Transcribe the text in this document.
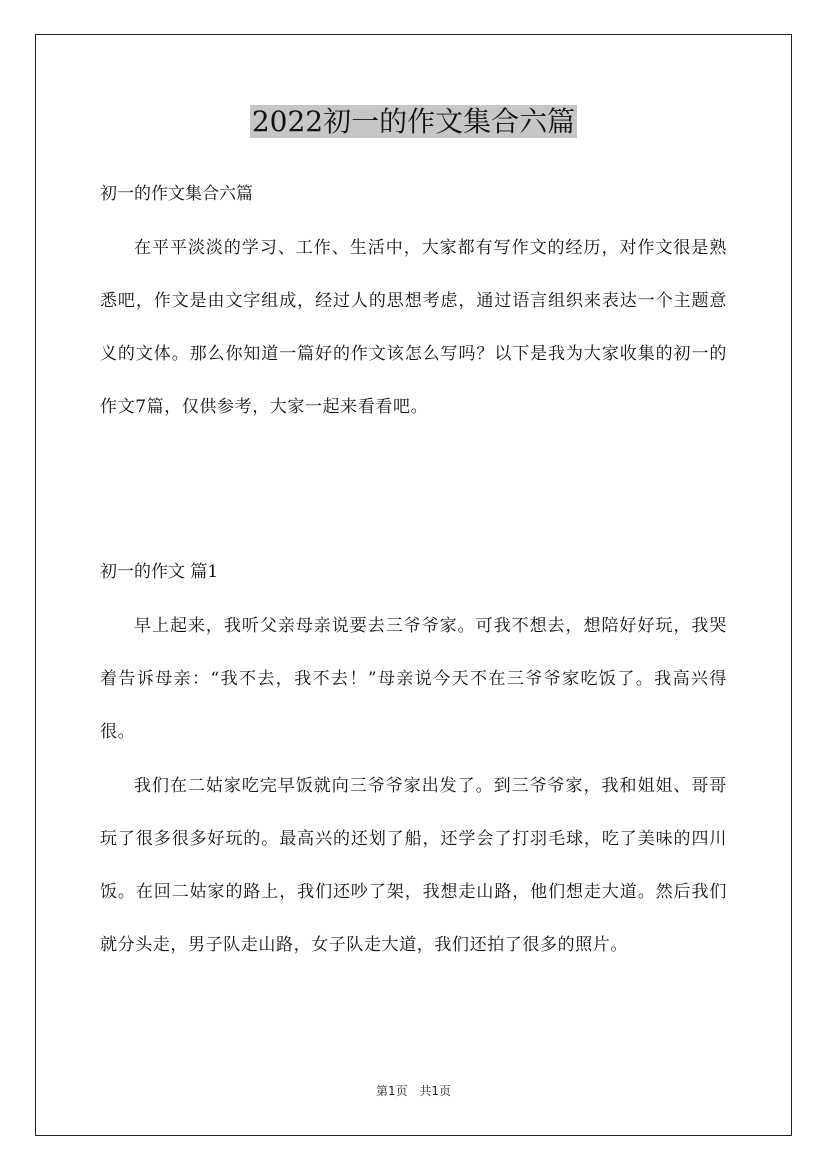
2022初一的作文集合六篇

初一的作文集合六篇

在平平淡淡的学习、工作、生活中，大家都有写作文的经历，对作文很是熟悉吧，作文是由文字组成，经过人的思想考虑，通过语言组织来表达一个主题意义的文体。那么你知道一篇好的作文该怎么写吗？以下是我为大家收集的初一的作文7篇，仅供参考，大家一起来看看吧。

初一的作文 篇1

早上起来，我听父亲母亲说要去三爷爷家。可我不想去，想陪好好玩，我哭着告诉母亲：“我不去，我不去！”母亲说今天不在三爷爷家吃饭了。我高兴得很。

我们在二姑家吃完早饭就向三爷爷家出发了。到三爷爷家，我和姐姐、哥哥玩了很多很多好玩的。最高兴的还划了船，还学会了打羽毛球，吃了美味的四川饭。在回二姑家的路上，我们还吵了架，我想走山路，他们想走大道。然后我们就分头走，男子队走山路，女子队走大道，我们还拍了很多的照片。

第1页 共1页
